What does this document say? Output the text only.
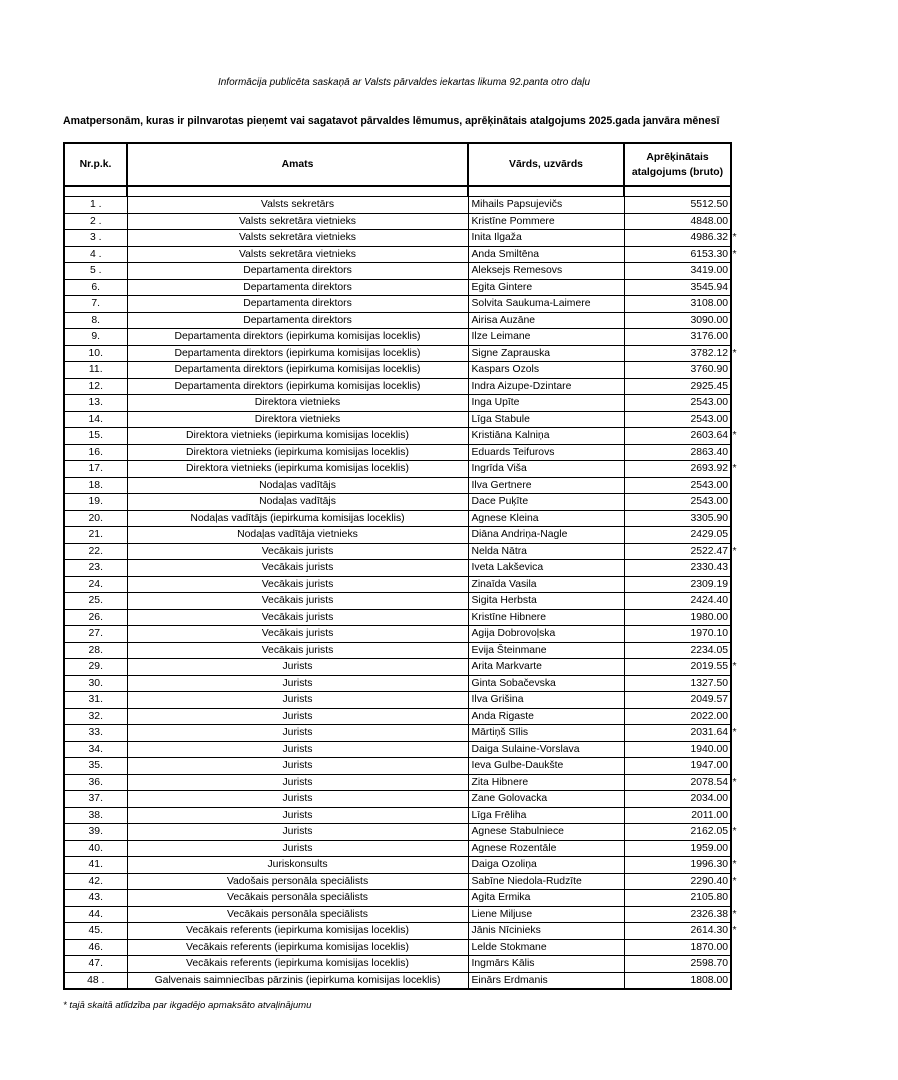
Informācija publicēta saskaņā ar Valsts pārvaldes iekartas likuma 92.panta otro daļu
Amatpersonām, kuras ir pilnvarotas pieņemt vai sagatavot pārvaldes lēmumus, aprēķinātais atalgojums 2025.gada janvāra mēnesī
Nr.p.k.	Amats	Vārds, uzvārds	Aprēķinātais
atalgojums (bruto)

1 .	Valsts sekretārs	Mihails Papsujevičs	5512.50

2 .	Valsts sekretāra vietnieks	Kristīne Pommere	4848.00

3 .	Valsts sekretāra vietnieks	Inita Ilgaža	4986.32 *

4 .	Valsts sekretāra vietnieks	Anda Smiltēna	6153.30 *

5 .	Departamenta direktors	Aleksejs Remesovs	3419.00

6.	Departamenta direktors	Egita Gintere	3545.94

7.	Departamenta direktors	Solvita Saukuma-Laimere	3108.00

8.	Departamenta direktors	Airisa Auzāne	3090.00

9.	Departamenta direktors (iepirkuma komisijas loceklis)	Ilze Leimane	3176.00

10.	Departamenta direktors (iepirkuma komisijas loceklis)	Signe Zaprauska	3782.12 *

11.	Departamenta direktors (iepirkuma komisijas loceklis)	Kaspars Ozols	3760.90

12.	Departamenta direktors (iepirkuma komisijas loceklis)	Indra Aizupe-Dzintare	2925.45

13.	Direktora vietnieks	Inga Upīte	2543.00

14.	Direktora vietnieks	Līga Stabule	2543.00

15.	Direktora vietnieks (iepirkuma komisijas loceklis)	Kristiāna Kalniņa	2603.64 *

16.	Direktora vietnieks (iepirkuma komisijas loceklis)	Eduards Teifurovs	2863.40

17.	Direktora vietnieks (iepirkuma komisijas loceklis)	Ingrīda Viša	2693.92 *

18.	Nodaļas vadītājs	Ilva Gertnere	2543.00

19.	Nodaļas vadītājs	Dace Puķīte	2543.00

20.	Nodaļas vadītājs (iepirkuma komisijas loceklis)	Agnese Kleina	3305.90

21.	Nodaļas vadītāja vietnieks	Diāna Andriņa-Nagle	2429.05

22.	Vecākais jurists	Nelda Nātra	2522.47 *

23.	Vecākais jurists	Iveta Lakševica	2330.43

24.	Vecākais jurists	Zinaīda Vasila	2309.19

25.	Vecākais jurists	Sigita Herbsta	2424.40

26.	Vecākais jurists	Kristīne Hibnere	1980.00

27.	Vecākais jurists	Agija Dobrovoļska	1970.10

28.	Vecākais jurists	Evija Šteinmane	2234.05

29.	Jurists	Arita Markvarte	2019.55 *

30.	Jurists	Ginta Sobačevska	1327.50

31.	Jurists	Ilva Grišina	2049.57

32.	Jurists	Anda Rigaste	2022.00

33.	Jurists	Mārtiņš Sīlis	2031.64 *

34.	Jurists	Daiga Sulaine-Vorslava	1940.00

35.	Jurists	Ieva Gulbe-Daukšte	1947.00

36.	Jurists	Zita Hibnere	2078.54 *

37.	Jurists	Zane Golovacka	2034.00

38.	Jurists	Līga Frēliha	2011.00

39.	Jurists	Agnese Stabulniece	2162.05 *

40.	Jurists	Agnese Rozentāle	1959.00

41.	Juriskonsults	Daiga Ozoliņa	1996.30 *

42.	Vadošais personāla speciālists	Sabīne Niedola-Rudzīte	2290.40 *

43.	Vecākais personāla speciālists	Agita Ermika	2105.80

44.	Vecākais personāla speciālists	Liene Miljuse	2326.38 *

45.	Vecākais referents (iepirkuma komisijas loceklis)	Jānis Nīcinieks	2614.30 *

46.	Vecākais referents (iepirkuma komisijas loceklis)	Lelde Stokmane	1870.00

47.	Vecākais referents (iepirkuma komisijas loceklis)	Ingmārs Kālis	2598.70

48 .	Galvenais saimniecības pārzinis (iepirkuma komisijas loceklis)	Einārs Erdmanis	1808.00
* tajā skaitā atlīdzība par ikgadējo apmaksāto atvaļinājumu
